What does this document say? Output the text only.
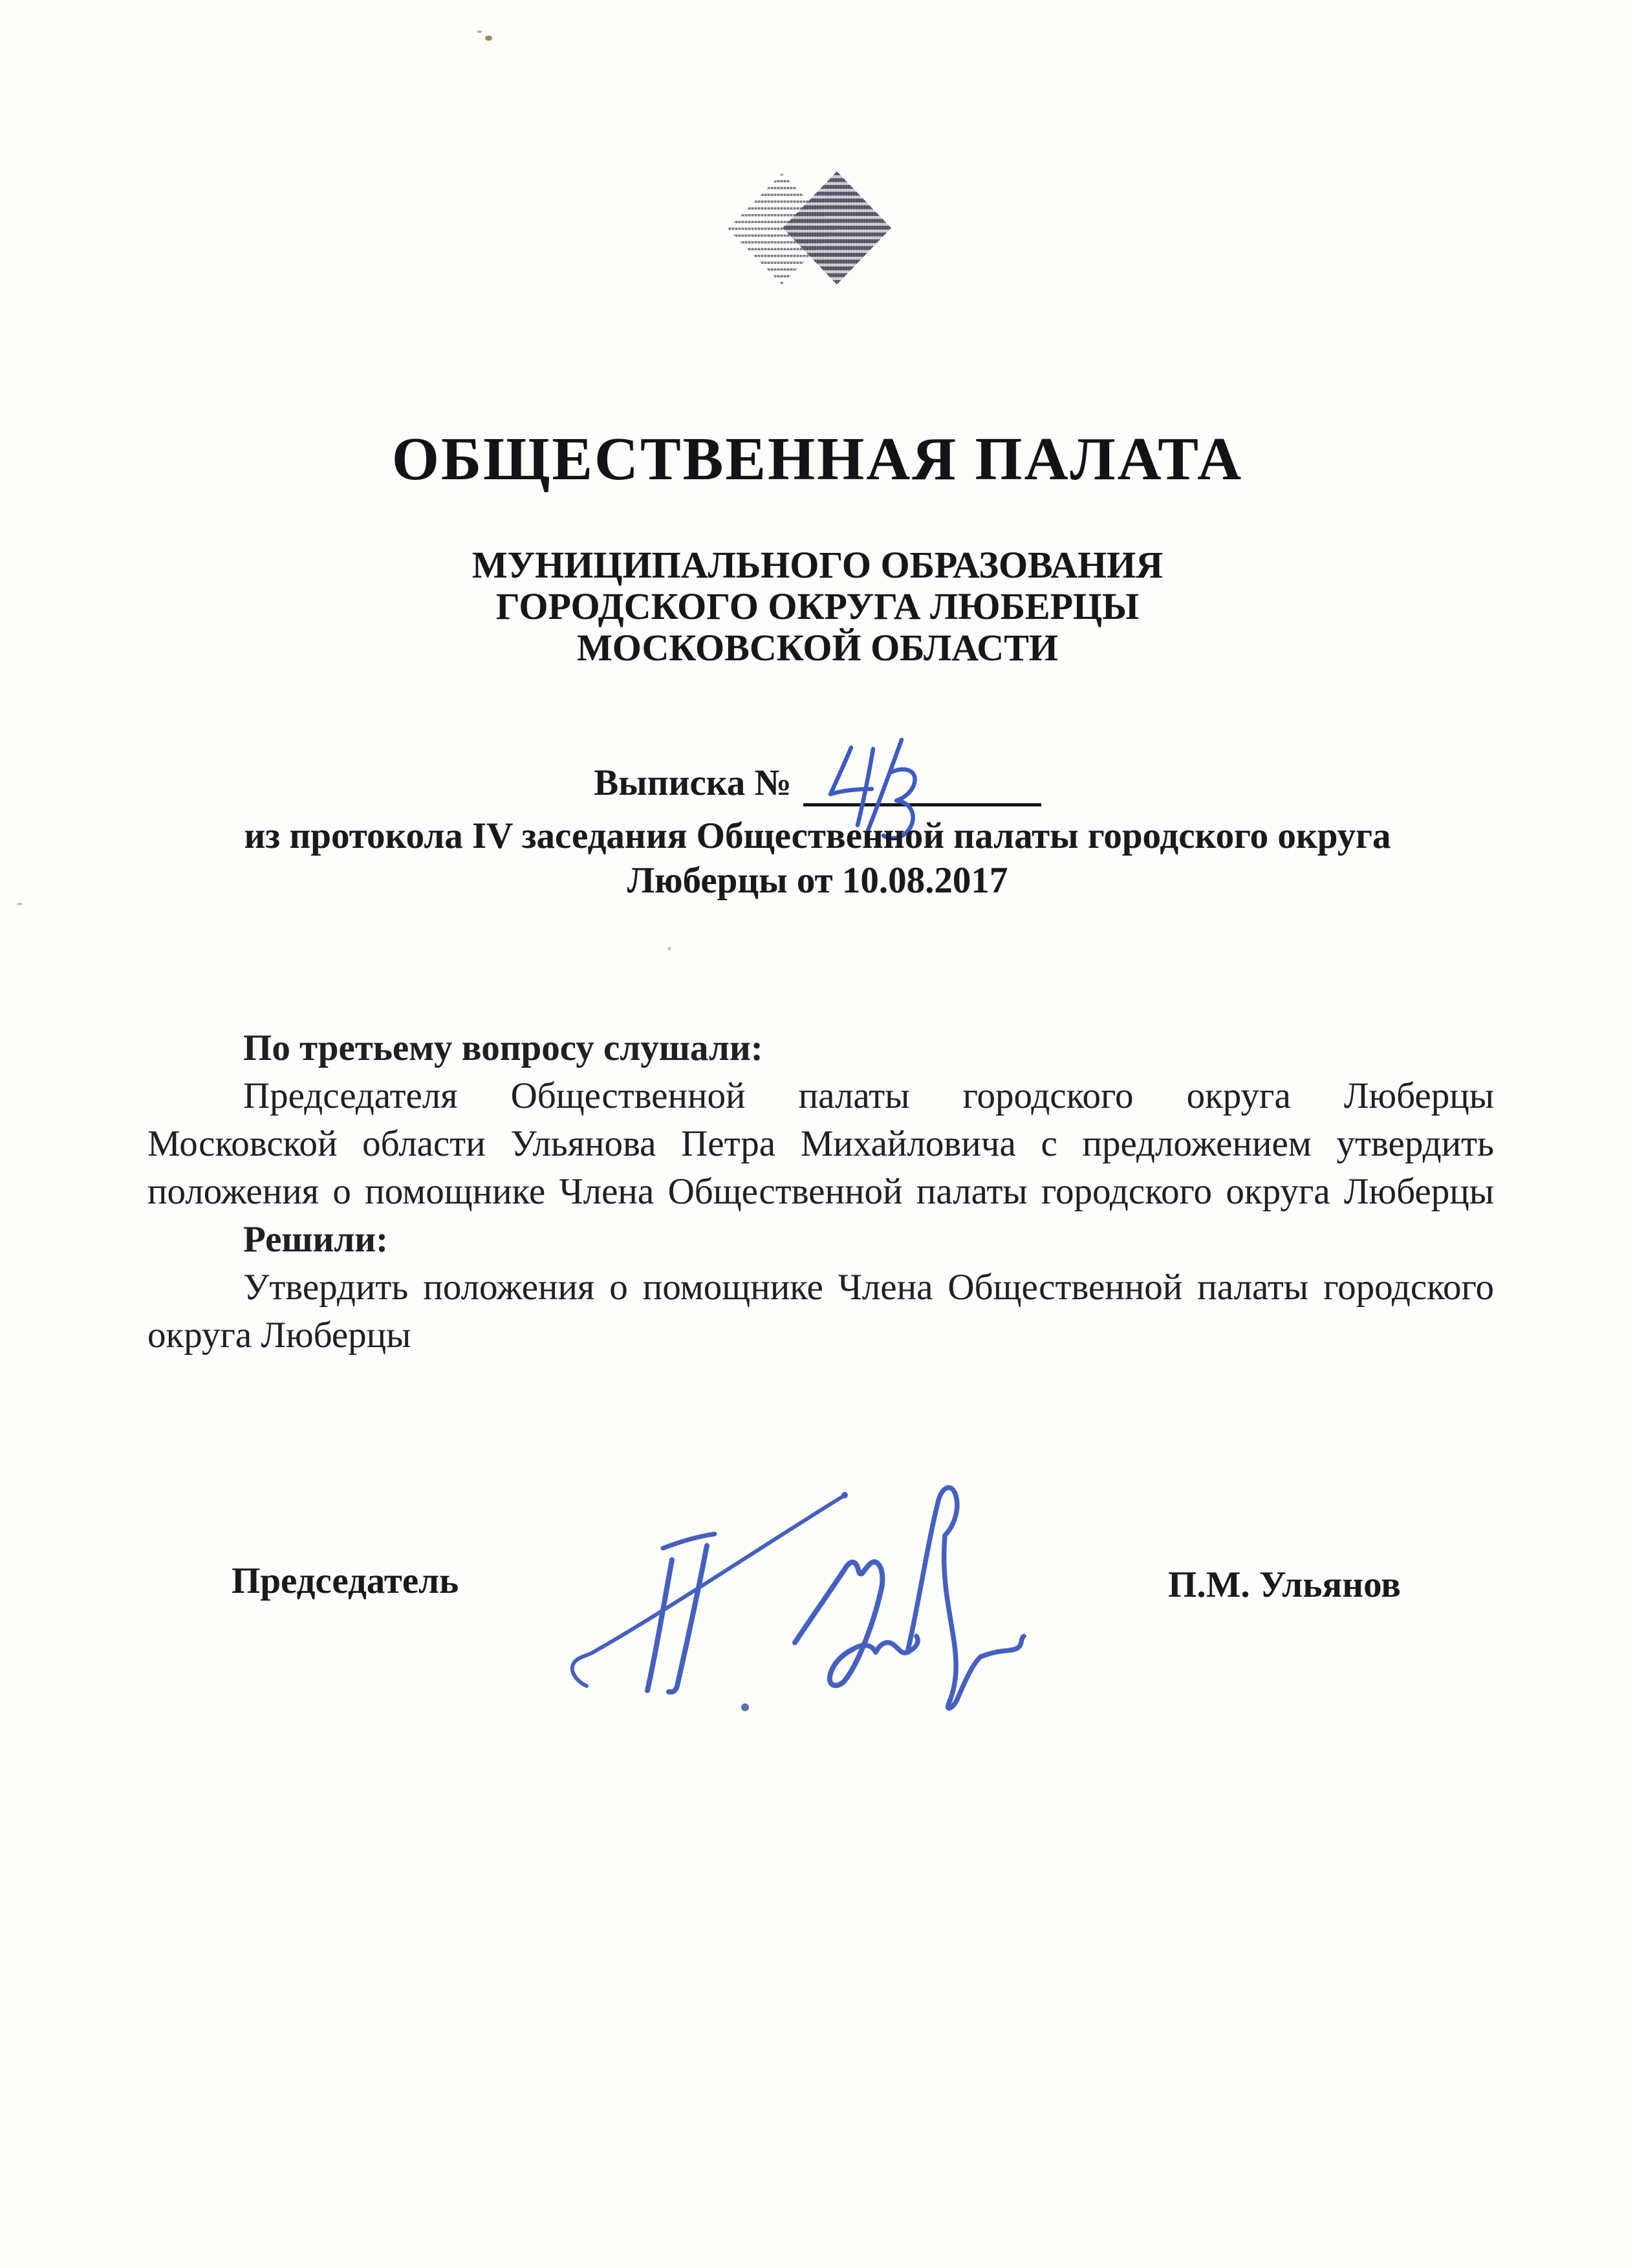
ОБЩЕСТВЕННАЯ ПАЛАТА
МУНИЦИПАЛЬНОГО ОБРАЗОВАНИЯ
ГОРОДСКОГО ОКРУГА ЛЮБЕРЦЫ
МОСКОВСКОЙ ОБЛАСТИ
Выписка №
из протокола IV заседания Общественной палаты городского округа
Люберцы от 10.08.2017
По третьему вопросу слушали:
Председателя Общественной палаты городского округа Люберцы
Московской области Ульянова Петра Михайловича с предложением утвердить
положения о помощнике Члена Общественной палаты городского округа Люберцы
Решили:
Утвердить положения о помощнике Члена Общественной палаты городского
округа Люберцы
Председатель	П.М. Ульянов
